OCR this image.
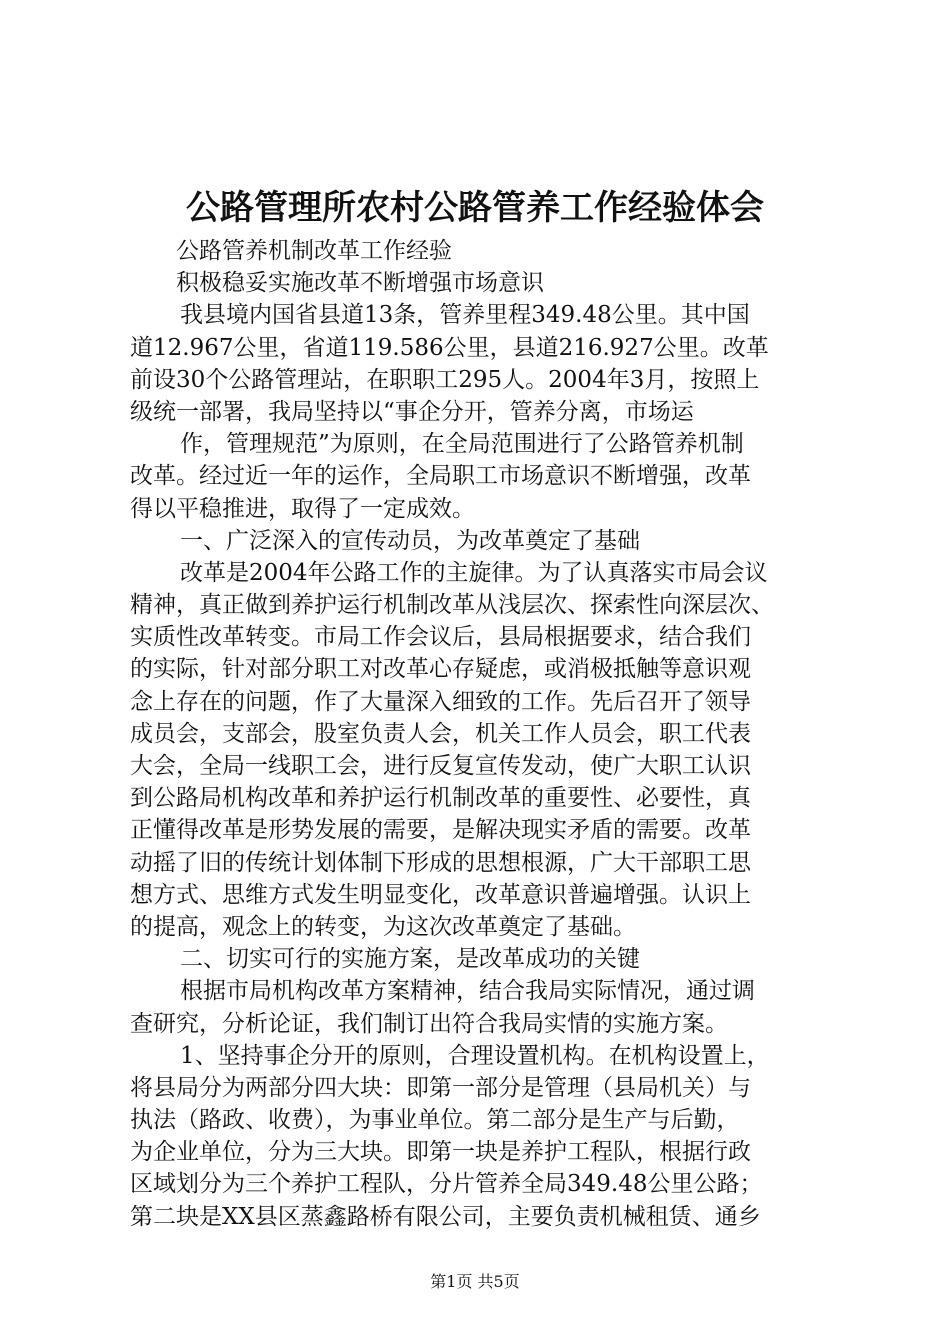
公路管理所农村公路管养工作经验体会
公路管养机制改革工作经验
积极稳妥实施改革不断增强市场意识
我县境内国省县道13条，管养里程349.48公里。其中国
道12.967公里，省道119.586公里，县道216.927公里。改革
前设30个公路管理站，在职职工295人。2004年3月，按照上
级统一部署，我局坚持以“事企分开，管养分离，市场运
作，管理规范”为原则，在全局范围进行了公路管养机制
改革。经过近一年的运作，全局职工市场意识不断增强，改革
得以平稳推进，取得了一定成效。
一、广泛深入的宣传动员，为改革奠定了基础
改革是2004年公路工作的主旋律。为了认真落实市局会议
精神，真正做到养护运行机制改革从浅层次、探索性向深层次、
实质性改革转变。市局工作会议后，县局根据要求，结合我们
的实际，针对部分职工对改革心存疑虑，或消极抵触等意识观
念上存在的问题，作了大量深入细致的工作。先后召开了领导
成员会，支部会，股室负责人会，机关工作人员会，职工代表
大会，全局一线职工会，进行反复宣传发动，使广大职工认识
到公路局机构改革和养护运行机制改革的重要性、必要性，真
正懂得改革是形势发展的需要，是解决现实矛盾的需要。改革
动摇了旧的传统计划体制下形成的思想根源，广大干部职工思
想方式、思维方式发生明显变化，改革意识普遍增强。认识上
的提高，观念上的转变，为这次改革奠定了基础。
二、切实可行的实施方案，是改革成功的关键
根据市局机构改革方案精神，结合我局实际情况，通过调
查研究，分析论证，我们制订出符合我局实情的实施方案。
1、坚持事企分开的原则，合理设置机构。在机构设置上，
将县局分为两部分四大块：即第一部分是管理（县局机关）与
执法（路政、收费），为事业单位。第二部分是生产与后勤，
为企业单位，分为三大块。即第一块是养护工程队，根据行政
区域划分为三个养护工程队，分片管养全局349.48公里公路；
第二块是XX县区蒸鑫路桥有限公司，主要负责机械租赁、通乡
第1页 共5页
